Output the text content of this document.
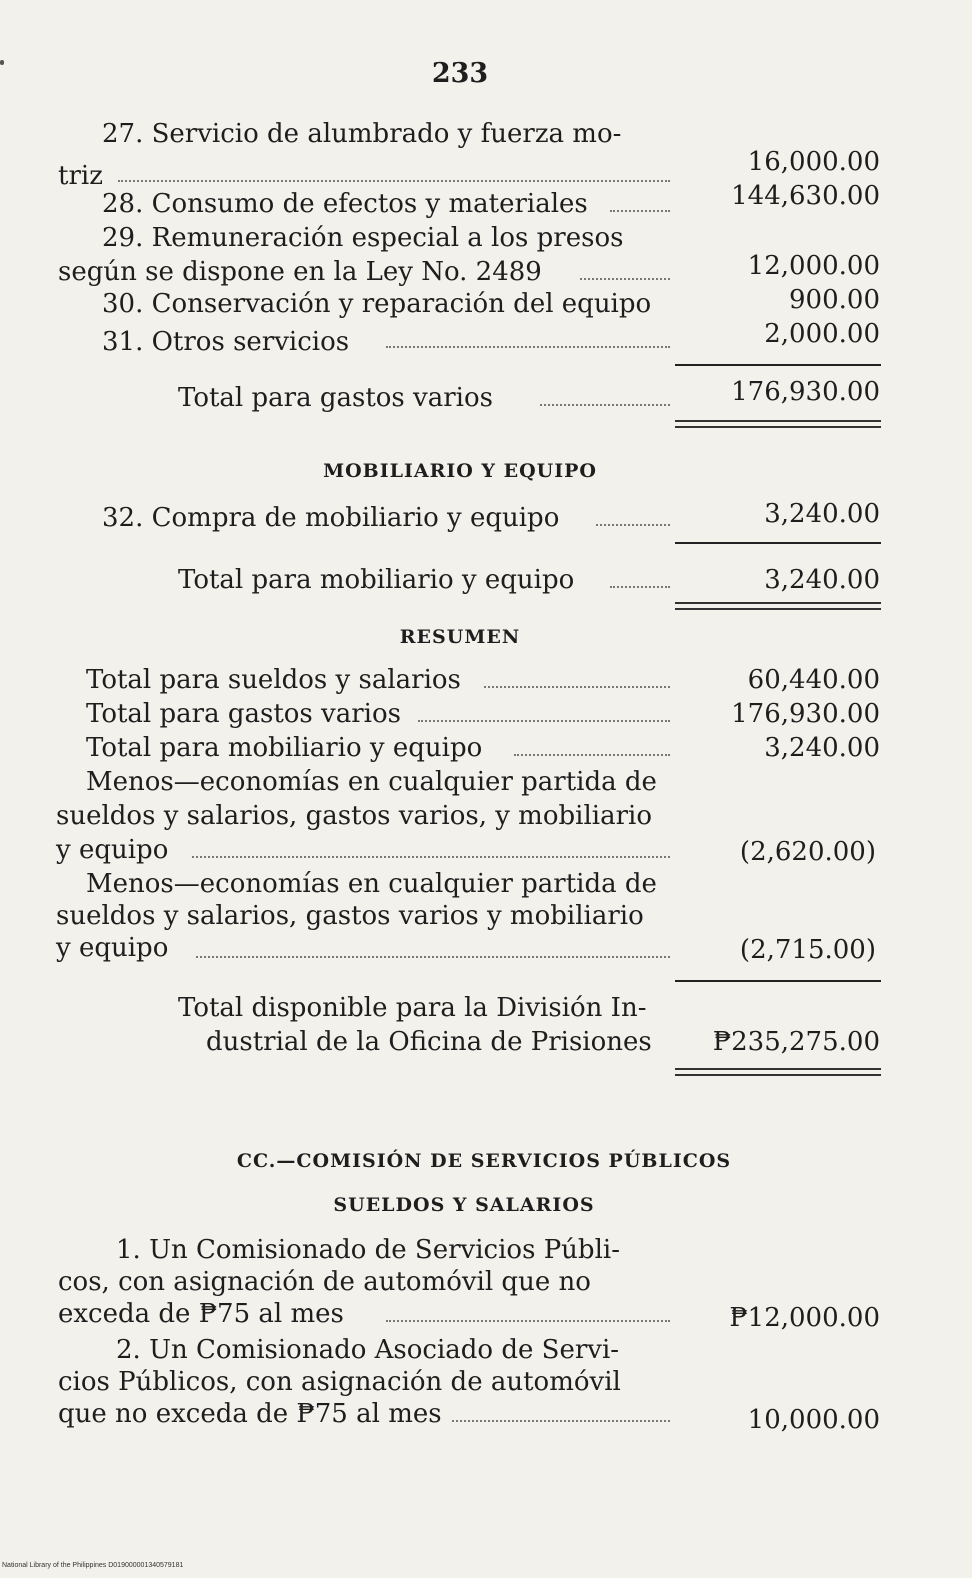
233
27. Servicio de alumbrado y fuerza mo-
triz	16,000.00
28. Consumo de efectos y materiales	144,630.00
29. Remuneración especial a los presos
según se dispone en la Ley No. 2489	12,000.00
30. Conservación y reparación del equipo	900.00
31. Otros servicios	2,000.00
Total para gastos varios	176,930.00
MOBILIARIO Y EQUIPO
32. Compra de mobiliario y equipo	3,240.00
Total para mobiliario y equipo	3,240.00
RESUMEN
Total para sueldos y salarios	60,440.00
Total para gastos varios	176,930.00
Total para mobiliario y equipo	3,240.00
Menos—economías en cualquier partida de
sueldos y salarios, gastos varios, y mobiliario
y equipo	(2,620.00)
Menos—economías en cualquier partida de
sueldos y salarios, gastos varios y mobiliario
y equipo	(2,715.00)
Total disponible para la División In-
dustrial de la Oficina de Prisiones ₱235,275.00
CC.—COMISIÓN DE SERVICIOS PÚBLICOS
SUELDOS Y SALARIOS
1. Un Comisionado de Servicios Públi-
cos, con asignación de automóvil que no
exceda de ₱75 al mes	₱12,000.00
2. Un Comisionado Asociado de Servi-
cios Públicos, con asignación de automóvil
que no exceda de ₱75 al mes	10,000.00
National Library of the Philippines D019000001340579181
